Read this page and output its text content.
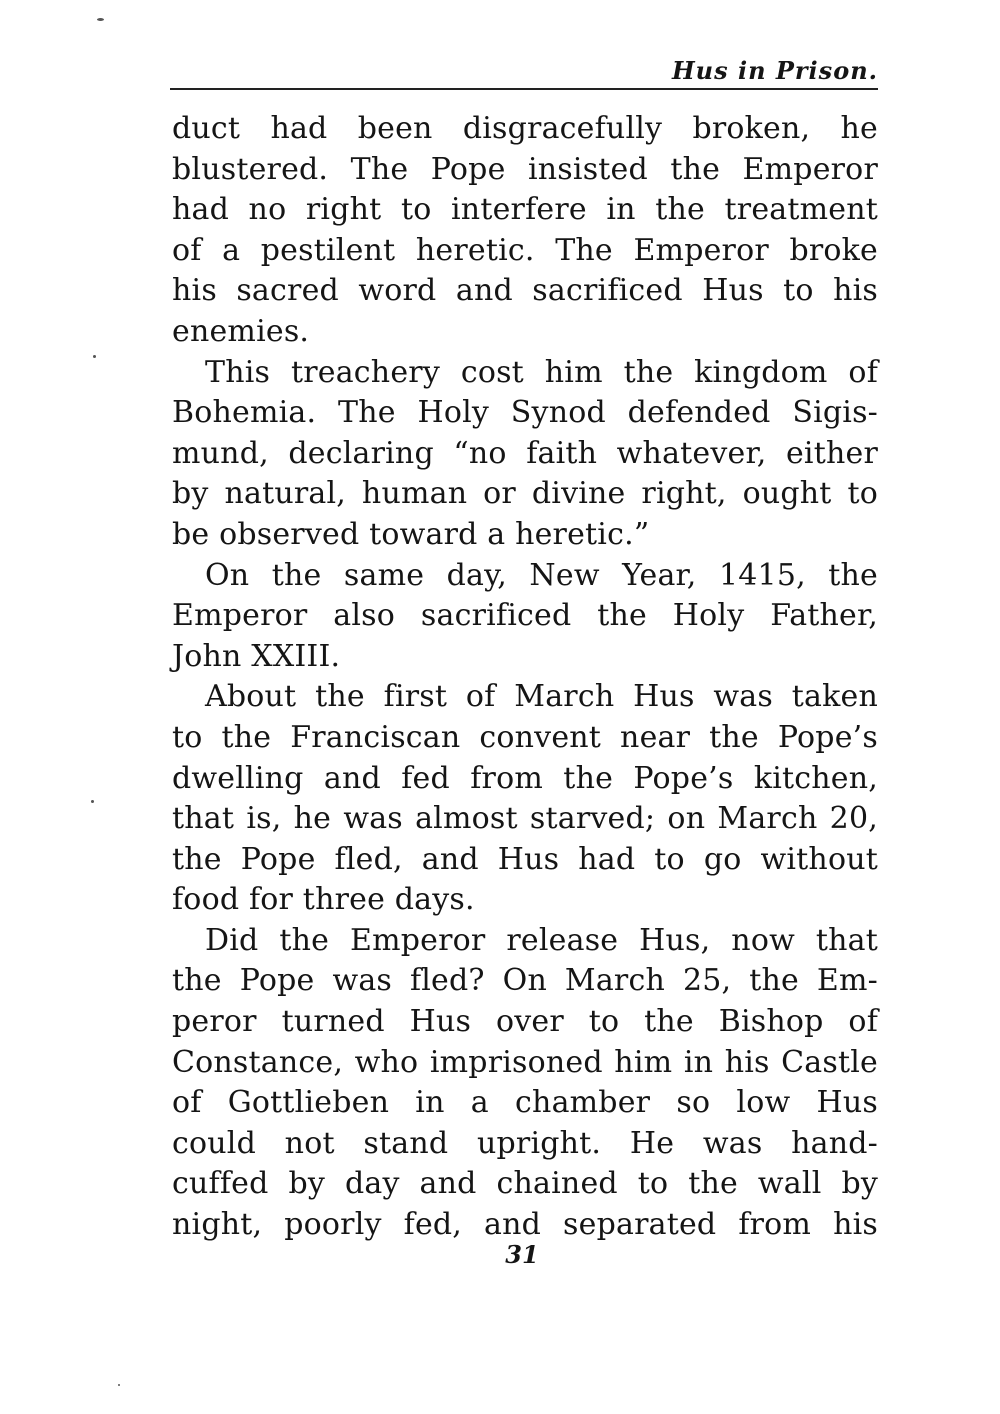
Hus in Prison.
duct had been disgracefully broken, he
blustered. The Pope insisted the Emperor
had no right to interfere in the treatment
of a pestilent heretic. The Emperor broke
his sacred word and sacrificed Hus to his
enemies.
This treachery cost him the kingdom of
Bohemia. The Holy Synod defended Sigis-
mund, declaring “no faith whatever, either
by natural, human or divine right, ought to
be observed toward a heretic.”
On the same day, New Year, 1415, the
Emperor also sacrificed the Holy Father,
John XXIII.
About the first of March Hus was taken
to the Franciscan convent near the Pope’s
dwelling and fed from the Pope’s kitchen,
that is, he was almost starved; on March 20,
the Pope fled, and Hus had to go without
food for three days.
Did the Emperor release Hus, now that
the Pope was fled? On March 25, the Em-
peror turned Hus over to the Bishop of
Constance, who imprisoned him in his Castle
of Gottlieben in a chamber so low Hus
could not stand upright. He was hand-
cuffed by day and chained to the wall by
night, poorly fed, and separated from his
31
